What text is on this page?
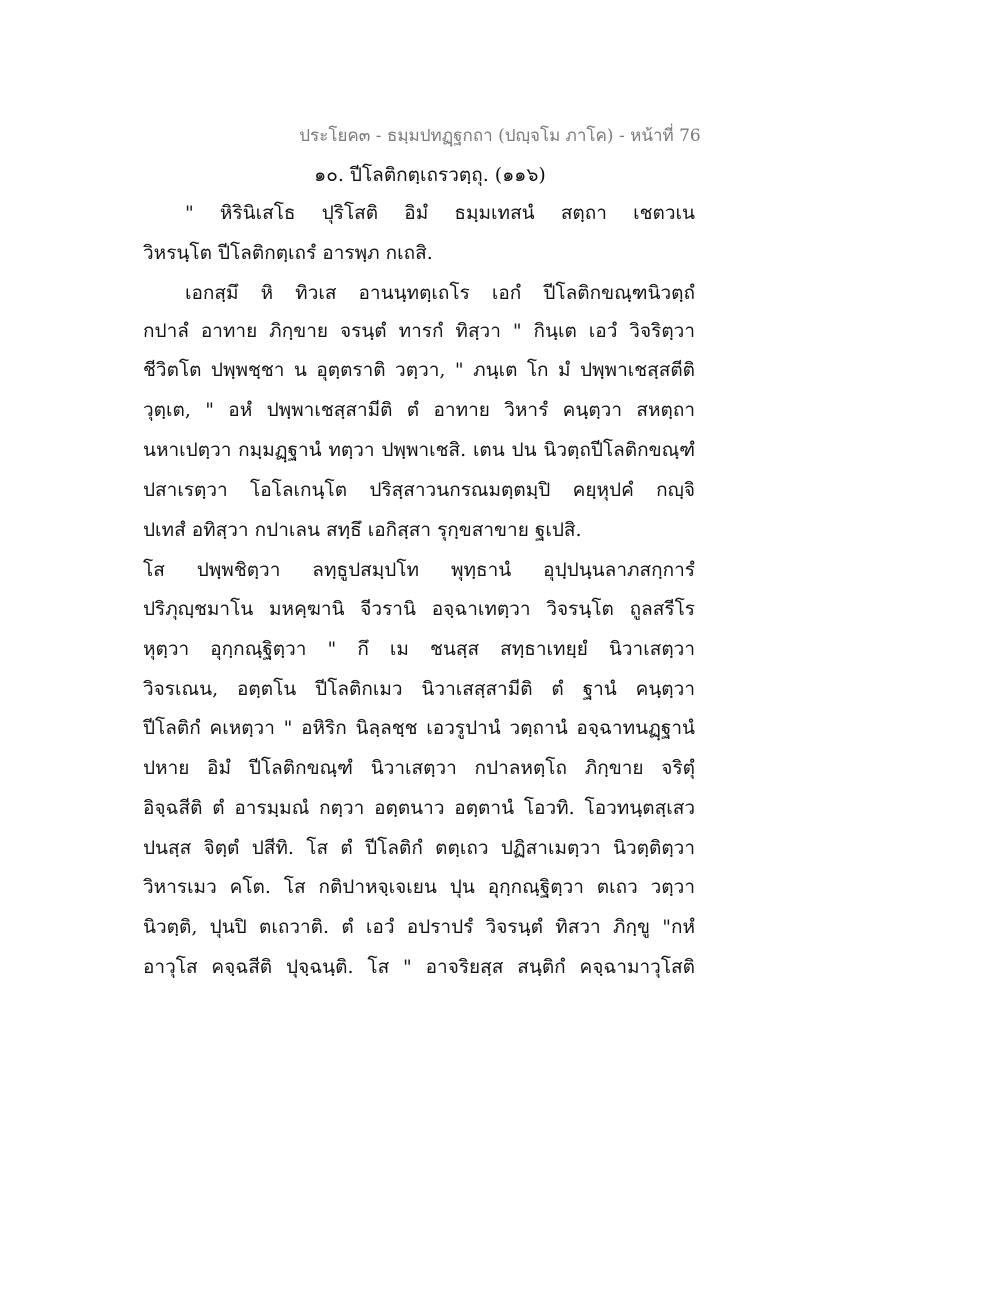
ประโยค๓ - ธมฺมปทฏฺฐกถา (ปญฺจโม ภาโค) - หน้าที่ 76
๑๐. ปีโลติกตฺเถรวตฺถุ. (๑๑๖)
" หิรินิเสโธ ปุริโสติ อิมํ ธมฺมเทสนํ สตฺถา เชตวเน
วิหรนฺโต ปีโลติกตฺเถรํ อารพฺภ กเถสิ.
เอกสฺมึ หิ ทิวเส อานนฺทตฺเถโร เอกํ ปีโลติกขณฺฑนิวตฺถํ
กปาลํ อาทาย ภิกฺขาย จรนฺตํ ทารกํ ทิสฺวา " กินฺเต เอวํ วิจริตฺวา
ชีวิตโต ปพฺพชฺชา น อุตฺตราติ วตฺวา, " ภนฺเต โก มํ ปพฺพาเชสฺสตีติ
วุตฺเต, " อหํ ปพฺพาเชสฺสามีติ ตํ อาทาย วิหารํ คนฺตฺวา สหตฺถา
นหาเปตฺวา กมฺมฏฺฐานํ ทตฺวา ปพฺพาเชสิ. เตน ปน นิวตฺถปีโลติกขณฺฑํ
ปสาเรตฺวา โอโลเกนฺโต ปริสฺสาวนกรณมตฺตมฺปิ คยฺหุปคํ กญฺจิ
ปเทสํ อทิสฺวา กปาเลน สทฺธึ เอกิสฺสา รุกฺขสาขาย ฐเปสิ.
โส ปพฺพชิตฺวา ลทฺธูปสมฺปโท พุทฺธานํ อุปฺปนฺนลาภสกฺการํ
ปริภุญฺชมาโน มหคฺฆานิ จีวรานิ อจฺฉาเทตฺวา วิจรนฺโต ถูลสรีโร
หุตฺวา อุกฺกณฺฐิตฺวา " กึ เม ชนสฺส สทฺธาเทยฺยํ นิวาเสตฺวา
วิจรเณน, อตฺตโน ปีโลติกเมว นิวาเสสฺสามีติ ตํ ฐานํ คนฺตฺวา
ปีโลติกํ คเหตฺวา " อหิริก นิลฺลชฺช เอวรูปานํ วตฺถานํ อจฺฉาทนฏฺฐานํ
ปหาย อิมํ ปีโลติกขณฺฑํ นิวาเสตฺวา กปาลหตฺโถ ภิกฺขาย จริตุํ
อิจฺฉสีติ ตํ อารมฺมณํ กตฺวา อตฺตนาว อตฺตานํ โอวทิ. โอวทนฺตสฺเสว
ปนสฺส จิตฺตํ ปสีทิ. โส ตํ ปีโลติกํ ตตฺเถว ปฏิสาเมตฺวา นิวตฺติตฺวา
วิหารเมว คโต. โส กติปาหจฺเจเยน ปุน อุกฺกณฺฐิตฺวา ตเถว วตฺวา
นิวตฺติ, ปุนปิ ตเถวาติ. ตํ เอวํ อปราปรํ วิจรนฺตํ ทิสวา ภิกฺขู "กหํ
อาวุโส คจฺฉสีติ ปุจฺฉนฺติ. โส " อาจริยสฺส สนฺติกํ คจฺฉามาวุโสติ
